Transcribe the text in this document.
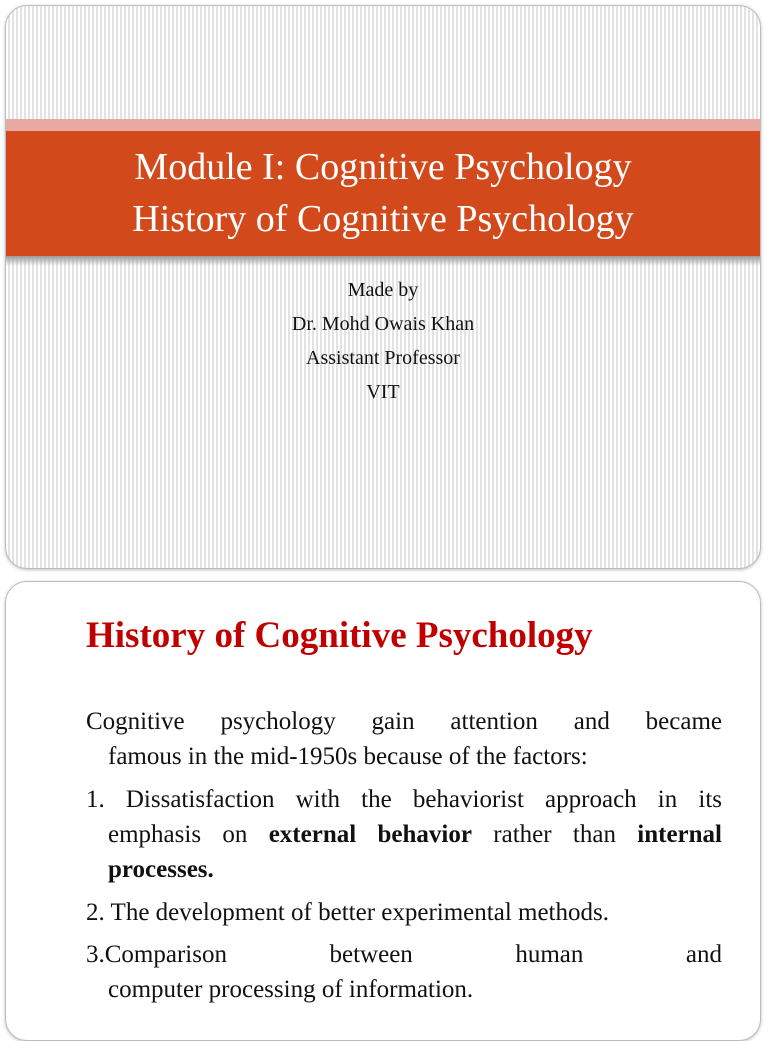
Module I: Cognitive Psychology

History of Cognitive Psychology

Made by
Dr. Mohd Owais Khan
Assistant Professor
VIT
History of Cognitive Psychology
Cognitive psychology gain attention and became
famous in the mid-1950s because of the factors:
1. Dissatisfaction with the behaviorist approach in its
emphasis on external behavior rather than internal processes.
2. The development of better experimental methods.
3.Comparison between human and
computer processing of information.
